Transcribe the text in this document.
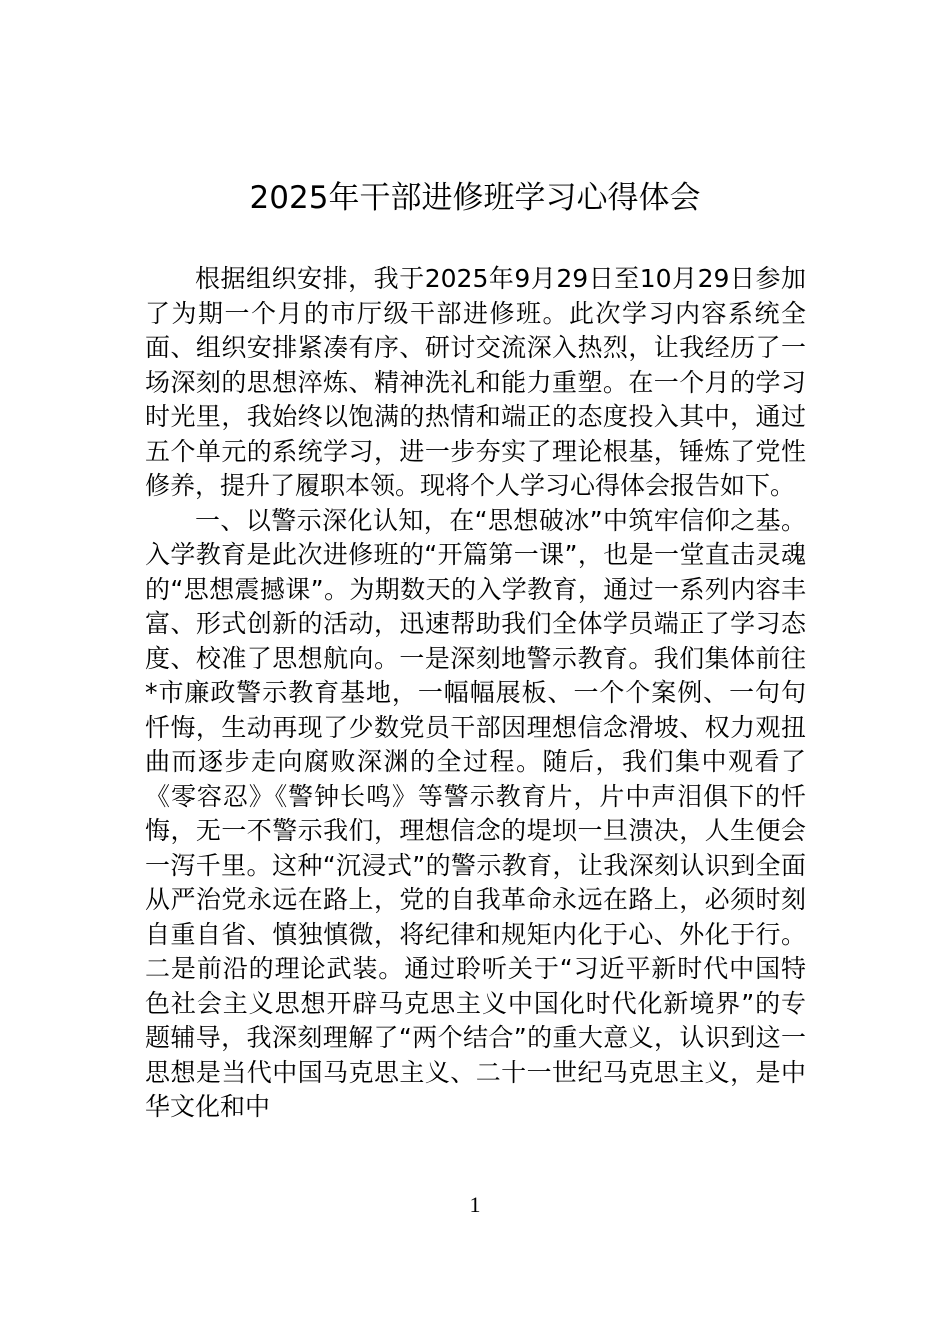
2025年干部进修班学习心得体会

根据组织安排，我于2025年9月29日至10月29日参加了为期一个月的市厅级干部进修班。此次学习内容系统全面、组织安排紧凑有序、研讨交流深入热烈，让我经历了一场深刻的思想淬炼、精神洗礼和能力重塑。在一个月的学习时光里，我始终以饱满的热情和端正的态度投入其中，通过五个单元的系统学习，进一步夯实了理论根基，锤炼了党性修养，提升了履职本领。现将个人学习心得体会报告如下。

一、以警示深化认知，在“思想破冰”中筑牢信仰之基。入学教育是此次进修班的“开篇第一课”，也是一堂直击灵魂的“思想震撼课”。为期数天的入学教育，通过一系列内容丰富、形式创新的活动，迅速帮助我们全体学员端正了学习态度、校准了思想航向。一是深刻地警示教育。我们集体前往*市廉政警示教育基地，一幅幅展板、一个个案例、一句句忏悔，生动再现了少数党员干部因理想信念滑坡、权力观扭曲而逐步走向腐败深渊的全过程。随后，我们集中观看了《零容忍》《警钟长鸣》等警示教育片，片中声泪俱下的忏悔，无一不警示我们，理想信念的堤坝一旦溃决，人生便会一泻千里。这种“沉浸式”的警示教育，让我深刻认识到全面从严治党永远在路上，党的自我革命永远在路上，必须时刻自重自省、慎独慎微，将纪律和规矩内化于心、外化于行。二是前沿的理论武装。通过聆听关于“习近平新时代中国特色社会主义思想开辟马克思主义中国化时代化新境界”的专题辅导，我深刻理解了“两个结合”的重大意义，认识到这一思想是当代中国马克思主义、二十一世纪马克思主义，是中华文化和中

1
